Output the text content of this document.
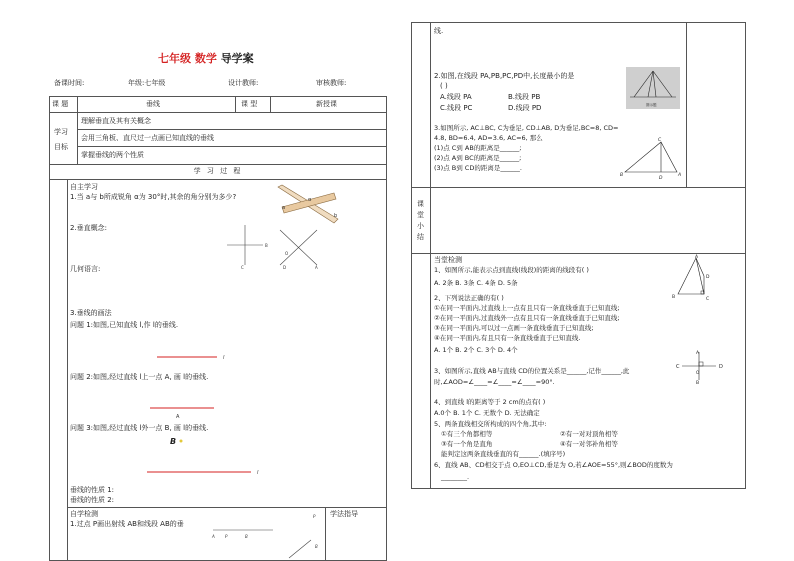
七年级 数学 导学案
备课时间:	年级:七年级	设计教师:	审核教师:
课 题	垂线	课 型	新授课
学习
目标
理解垂直及其有关概念
会用三角板、直尺过一点画已知直线的垂线
掌握垂线的两个性质
学 习 过 程
自主学习
1.当 a与 b所成锐角 α为 30°时,其余的角分别为多少?
a
α
b
2.垂直概念:
C
B
O
D	A
几何语言:
3.垂线的画法
问题 1:如图,已知直线 l,作 l的垂线.
l
问题 2:如图,经过直线 l上一点 A, 画 l的垂线.
A
问题 3:如图,经过直线 l外一点 B, 画 l的垂线.
B
l
垂线的性质 1:
垂线的性质 2:
自学检测	学法指导
1.过点 P画出射线 AB和线段 AB的垂
A	P	B
P
B
线.
2.如图,在线段 PA,PB,PC,PD中,长度最小的是
( )
A.线段 PA	B.线段 PB
C.线段 PC	D.线段 PD	图示题
3.如图所示, AC⊥BC, C为垂足, CD⊥AB, D为垂足,BC=8, CD=
4.8, BD=6.4, AD=3.6, AC=6, 那么
(1)点 C到 AB的距离是______;
(2)点 A到 BC的距离是______;
(3)点 B到 CD的距离是______.
C
B
D
A
课
堂
小
结
当堂检测
1、如图所示,能表示点到直线(线段)的距离的线段有( )
A. 2条 B. 3条 C. 4条 D. 5条
A
D
B	C
2、下列说法正确的有( )
①在同一平面内,过直线上一点有且只有一条直线垂直于已知直线;
②在同一平面内,过直线外一点有且只有一条直线垂直于已知直线;
③在同一平面内,可以过一点画一条直线垂直于已知直线;
④在同一平面内,有且只有一条直线垂直于已知直线.
A. 1个 B. 2个 C. 3个 D. 4个
3、如图所示,直线 AB与直线 CD的位置关系是______,记作______,此
时,∠AOD=∠____=∠____=∠____=90°.
A
C	D
O
B
4、到直线 l的距离等于 2 cm的点有( )
A.0个 B. 1个 C. 无数个 D. 无法确定
5、两条直线相交所构成的四个角,其中:
①有三个角都相等	②有一对对顶角相等
③有一个角是直角	④有一对邻补角相等
能判定这两条直线垂直的有______.(填序号)
6、直线 AB、CD相交于点 O,EO⊥CD,垂足为 O,若∠AOE=55°,则∠BOD的度数为
________.
